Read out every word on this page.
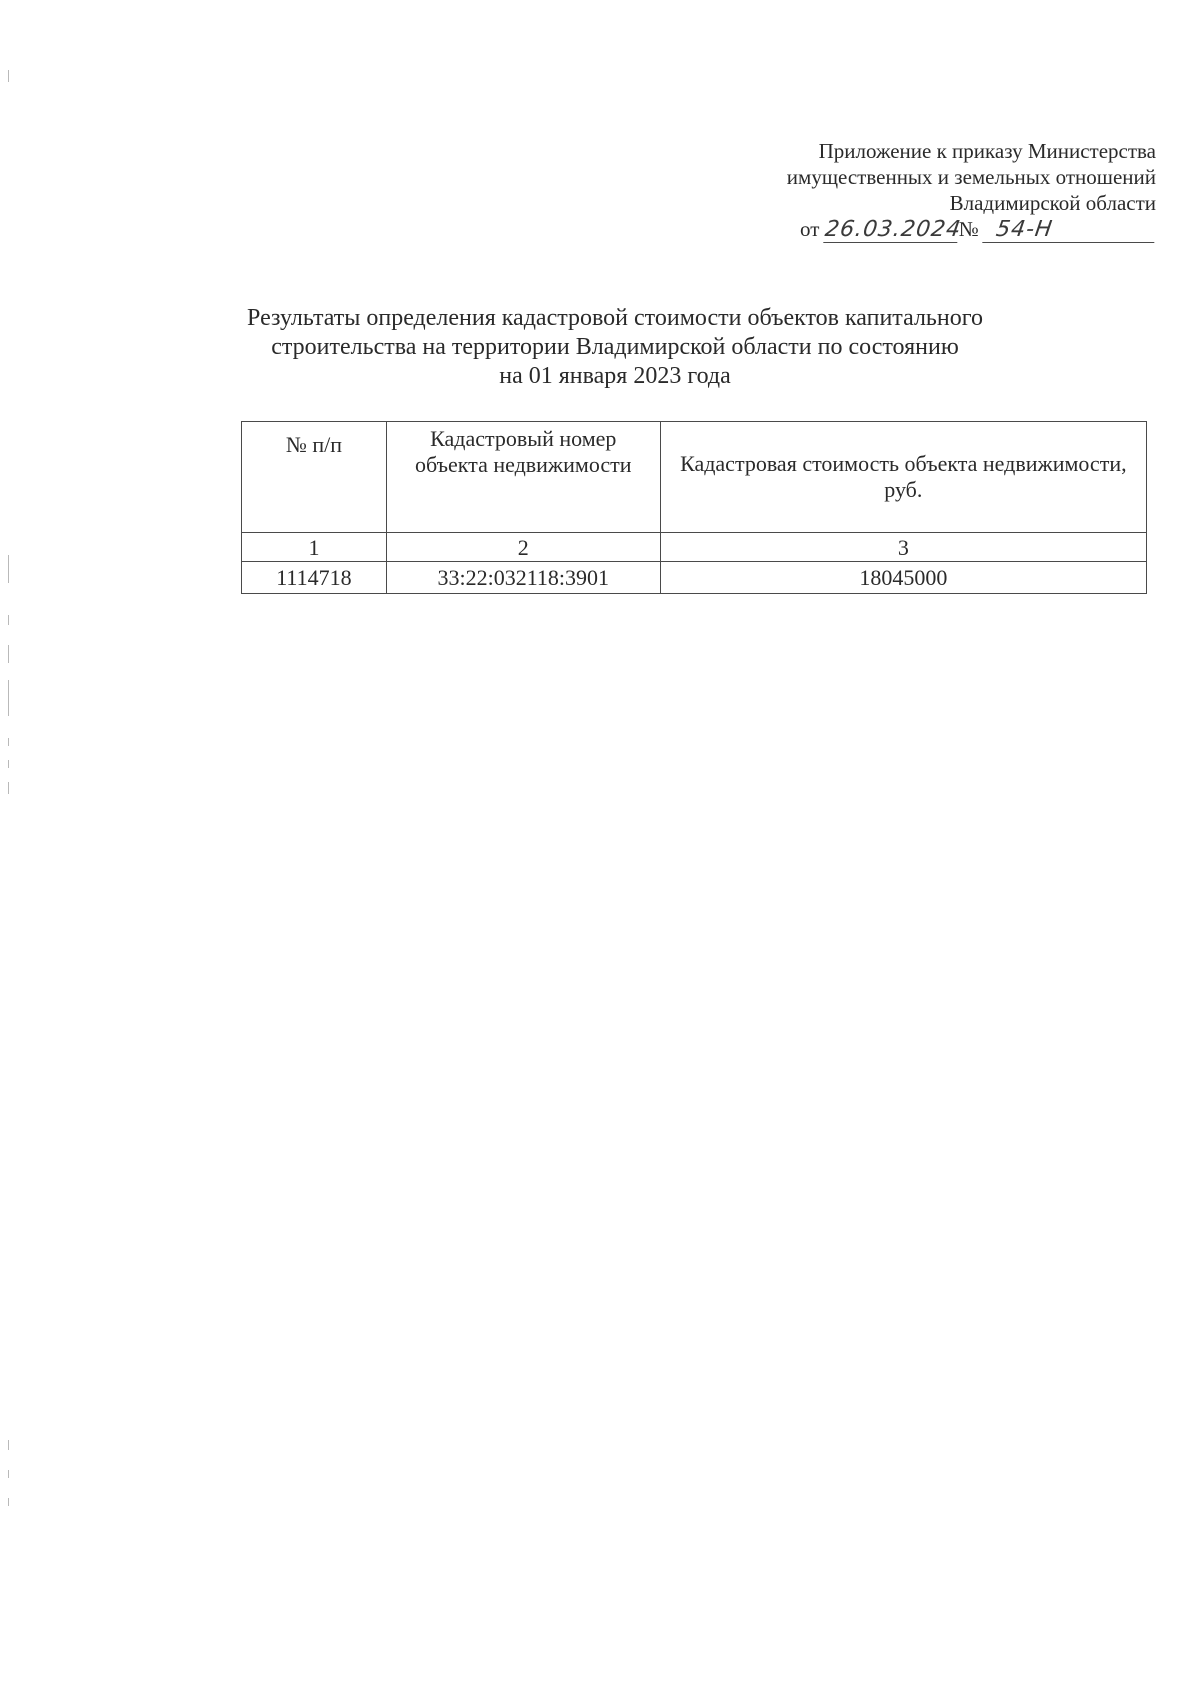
Приложение к приказу Министерства
имущественных и земельных отношений
Владимирской области
от 26.03.2024№ 54-Н
Результаты определения кадастровой стоимости объектов капитального
строительства на территории Владимирской области по состоянию
на 01 января 2023 года
№ п/п	Кадастровый номер объекта недвижимости	Кадастровая стоимость объекта недвижимости, руб.
1	2	3
1114718	33:22:032118:3901	18045000
